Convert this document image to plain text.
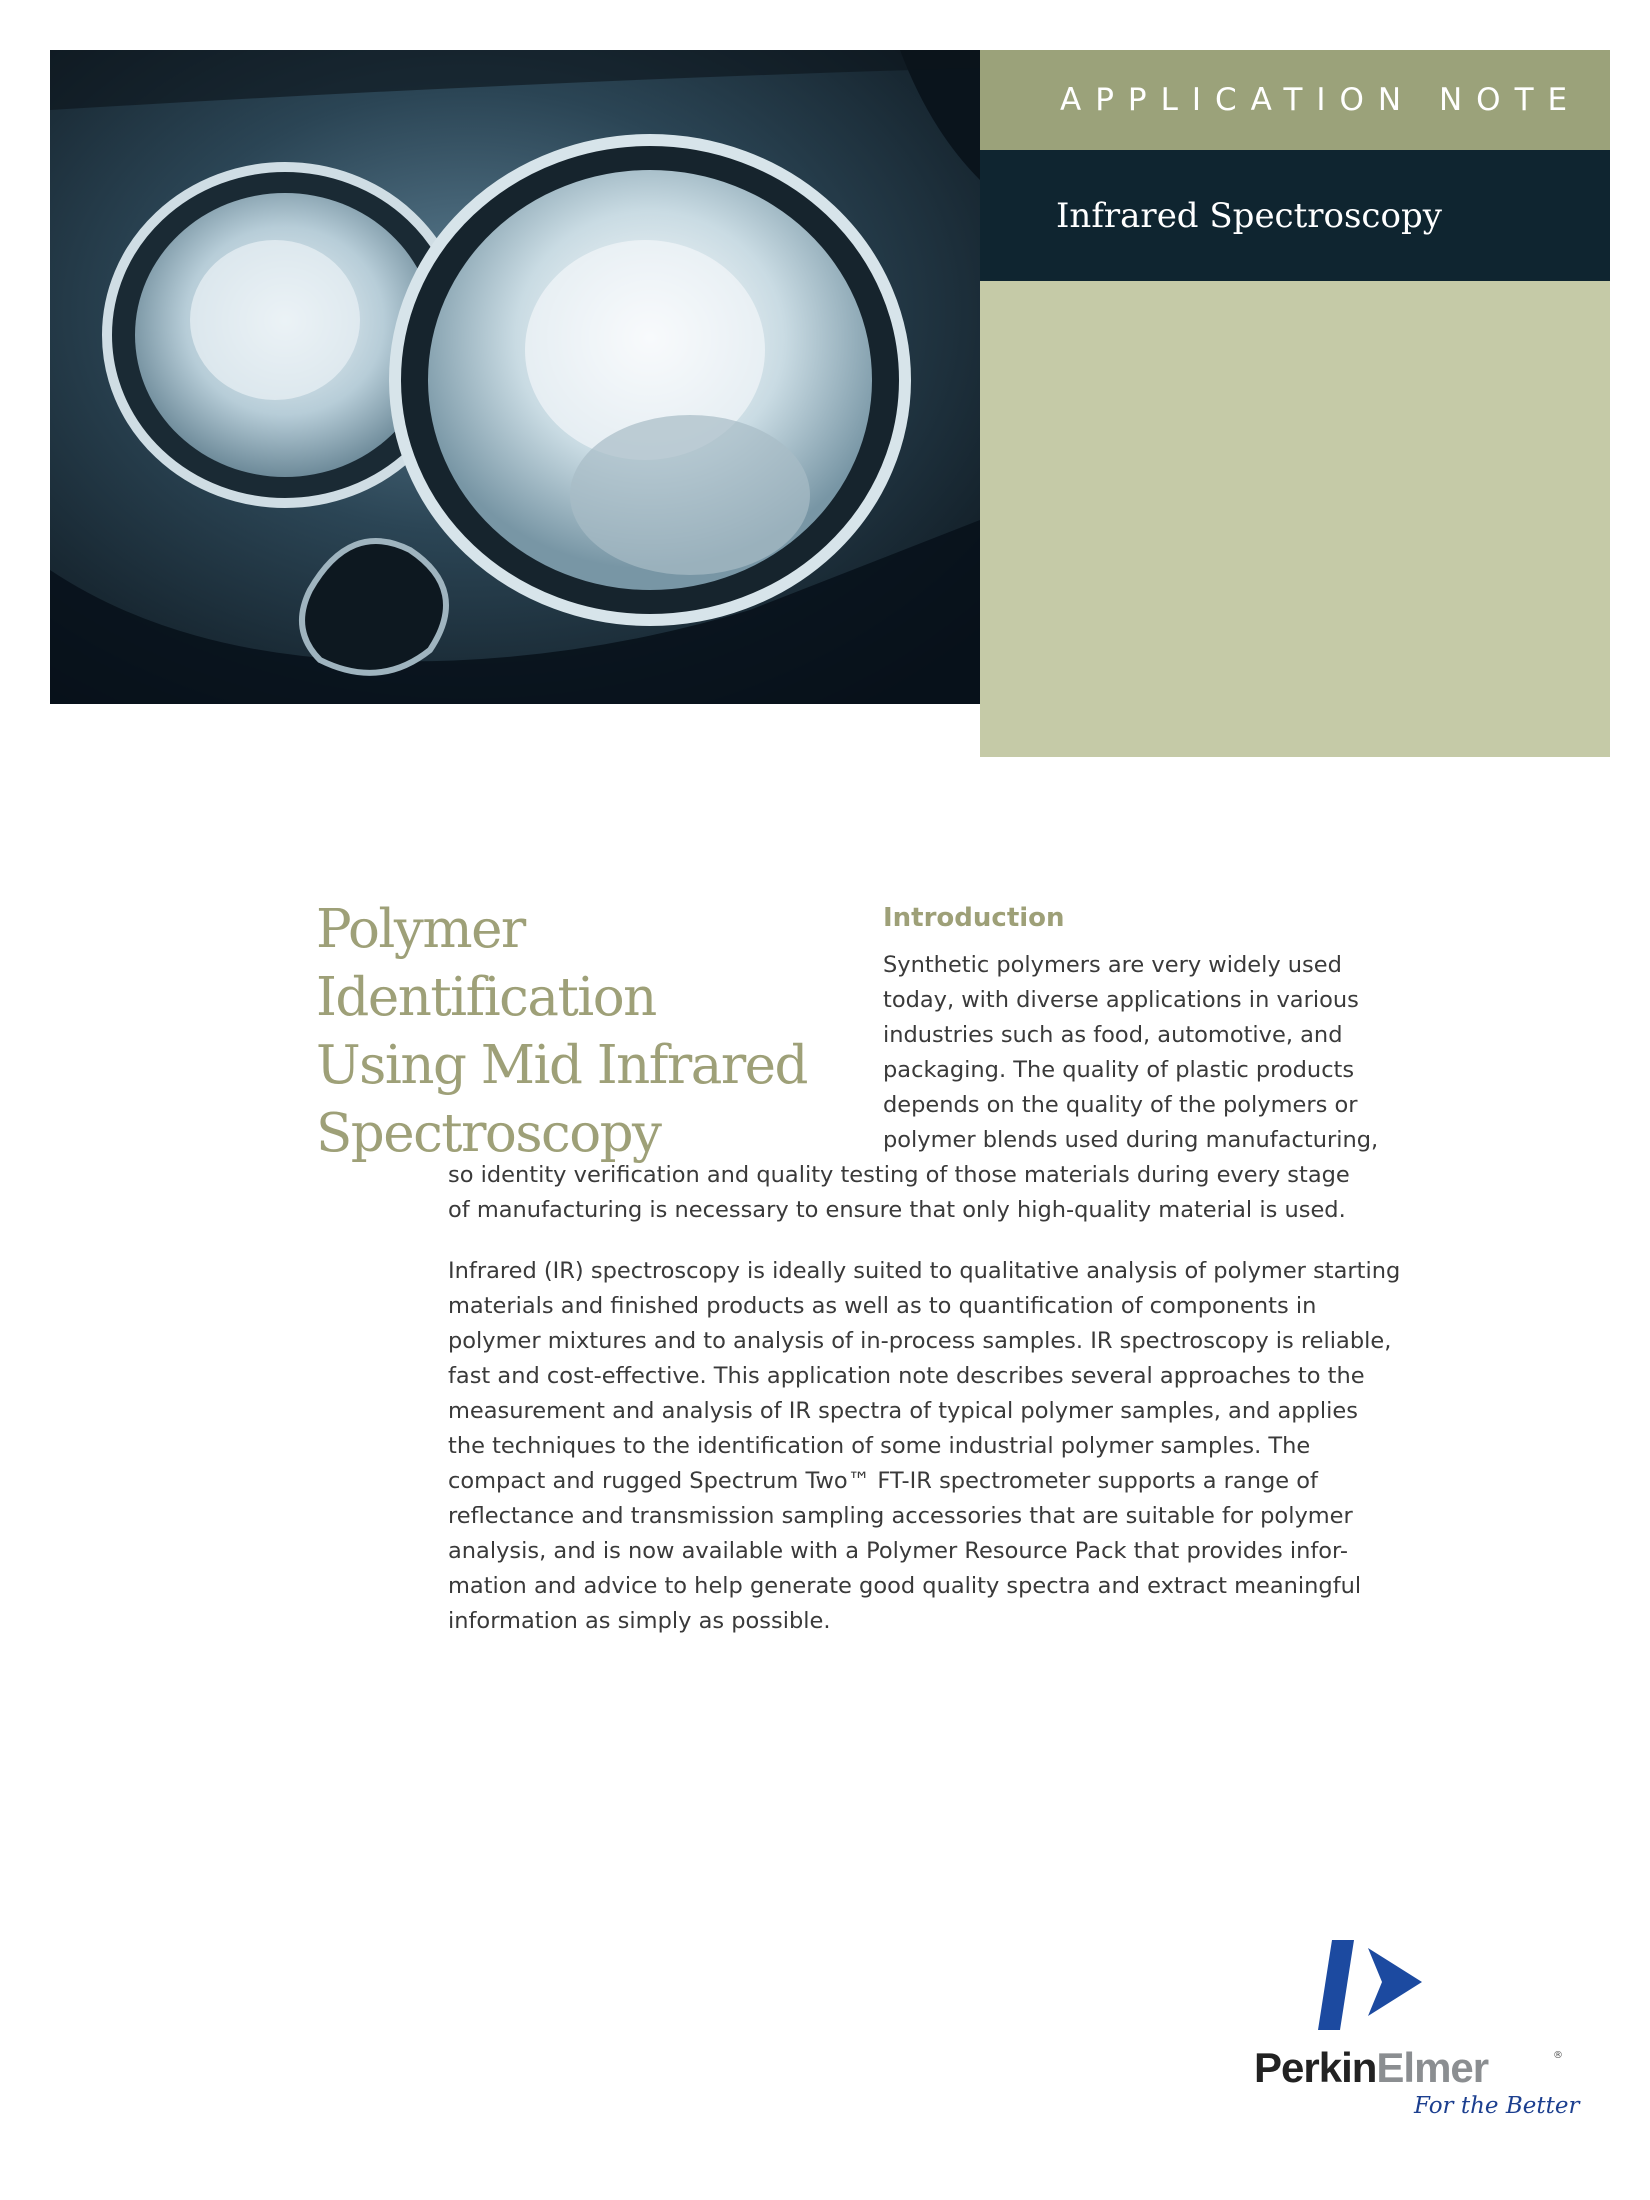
APPLICATION NOTE
Infrared Spectroscopy
Polymer Identification
Using Mid Infrared
Spectroscopy
Introduction
Synthetic polymers are very widely used
today, with diverse applications in various
industries such as food, automotive, and
packaging. The quality of plastic products
depends on the quality of the polymers or
polymer blends used during manufacturing,
so identity verification and quality testing of those materials during every stage
of manufacturing is necessary to ensure that only high-quality material is used.
Infrared (IR) spectroscopy is ideally suited to qualitative analysis of polymer starting
materials and finished products as well as to quantification of components in
polymer mixtures and to analysis of in-process samples. IR spectroscopy is reliable,
fast and cost-effective. This application note describes several approaches to the
measurement and analysis of IR spectra of typical polymer samples, and applies
the techniques to the identification of some industrial polymer samples. The
compact and rugged Spectrum Two™ FT-IR spectrometer supports a range of
reflectance and transmission sampling accessories that are suitable for polymer
analysis, and is now available with a Polymer Resource Pack that provides infor-
mation and advice to help generate good quality spectra and extract meaningful
information as simply as possible.
PerkinElmer	®
For the Better
